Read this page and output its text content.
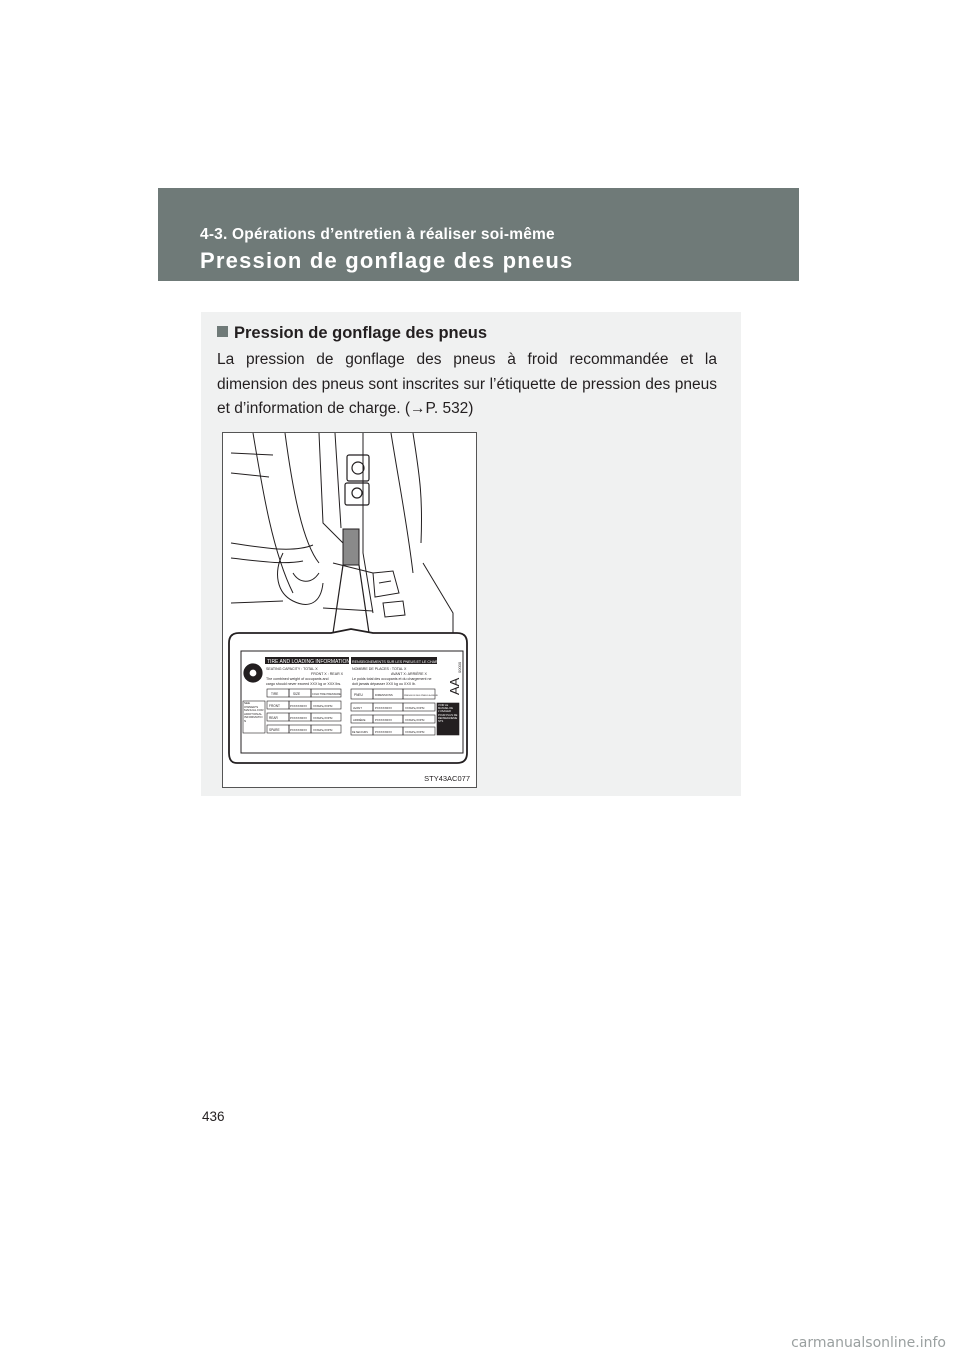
4-3. Opérations d’entretien à réaliser soi-même
Pression de gonflage des pneus
Pression de gonflage des pneus
La pression de gonflage des pneus à froid recommandée et la dimension des pneus sont inscrites sur l’étiquette de pression des pneus et d’information de charge. (→P. 532)
TIRE AND LOADING INFORMATION RENSEIGNEMENTS SUR LES PNEUS ET LE CHARGEMENT
SEATING CAPACITY : TOTAL X
FRONT X : REAR X
The combined weight of occupants and
cargo should never exceed XXX kg or XXX lbs.
NOMBRE DE PLACES : TOTAL X
AVANT X: ARRIÈRE X
Le poids total des occupants et du chargement ne
doit jamais dépasser XXX kg ou XXX lb. AA
00000
TIRE	SIZE	COLD TIRE PRESSURE
FRONT	PXXXXXRXX XXXkPa,XXPSI
REAR	PXXXXXRXX XXXkPa,XXPSI
SPARE	PXXXXXRXX XXXkPa,XXPSI
PNEU	DIMENSIONS	PRESSION DES PNEUS À FROID
AVANT	PXXXXXRXX	XXXkPa,XXPSI
ARRIÈRE	PXXXXXRXX	XXXkPa,XXPSI
DE SECOURS	PXXXXXRXX	XXXkPa,XXPSI
SEE OWNER'S MANUAL FOR ADDITIONAL INFORMATION
VOIR LE MANUEL DE L'USAGER POUR PLUS DE RENSEIGNEMENTS
STY43AC077
436
carmanualsonline.info
